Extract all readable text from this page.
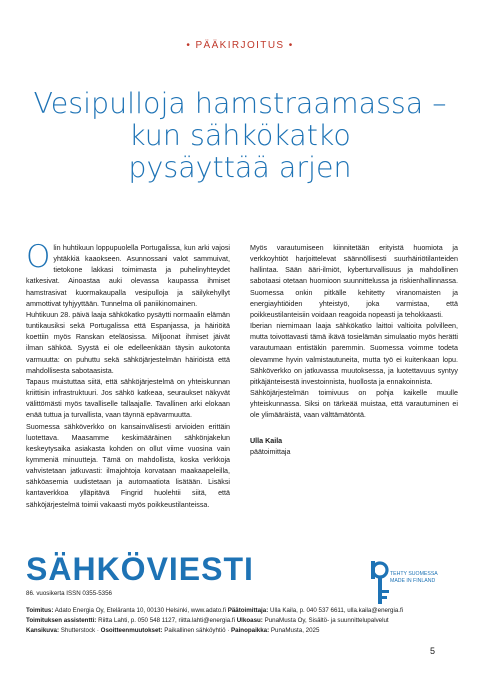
• PÄÄKIRJOITUS •
Vesipulloja hamstraamassa –
kun sähkökatko
pysäyttää arjen

Olin huhtikuun loppupuolella Portugalissa, kun arki vajosi yhtäkkiä kaaokseen. Asunnossani valot sammuivat, tietokone lakkasi toimimasta ja puhelinyhteydet katkesivat. Ainoastaa auki olevassa kaupassa ihmiset hamstrasivat kuormakaupalla vesipulloja ja säilykehyllyt ammottivat tyhjyyttään. Tunnelma oli paniikinomainen.

Huhtikuun 28. päivä laaja sähkökatko pysäytti normaalin elämän tuntikausiksi sekä Portugalissa että Espanjassa, ja häiriöitä koettiin myös Ranskan eteläosissa. Miljoonat ihmiset jäivät ilman sähköä. Syystä ei ole edelleenkään täysin aukotonta varmuutta: on puhuttu sekä sähköjärjestelmän häiriöistä että mahdollisesta sabotaasista.

Tapaus muistuttaa siitä, että sähköjärjestelmä on yhteiskunnan kriittisin infrastruktuuri. Jos sähkö katkeaa, seuraukset näkyvät välittömästi myös tavalliselle tallaajalle. Tavallinen arki elokaan enää tuttua ja turvallista, vaan täynnä epävarmuutta.

Suomessa sähköverkko on kansainvälisesti arvioiden erittäin luotettava. Maasamme keskimääräinen sähkönjakelun keskeytysaika asiakasta kohden on ollut viime vuosina vain kymmeniä minuutteja. Tämä on mahdollista, koska verkkoja vahvistetaan jatkuvasti: ilmajohtoja korvataan maakaapeleilla, sähköasemia uudistetaan ja automaatiota lisätään. Lisäksi kantaverkkoa ylläpitävä Fingrid huolehtii siitä, että sähköjärjestelmä toimii vakaasti myös poikkeustilanteissa.

Myös varautumiseen kiinnitetään erityistä huomiota ja verkkoyhtiöt harjoittelevat säännöllisesti suurhäiriötilanteiden hallintaa. Sään ääri-ilmiöt, kyberturvallisuus ja mahdollinen sabotaasi otetaan huomioon suunnittelussa ja riskienhallinnassa. Suomessa onkin pitkälle kehitetty viranomaisten ja energiayhtiöiden yhteistyö, joka varmistaa, että poikkeustilanteisiin voidaan reagoida nopeasti ja tehokkaasti.

Iberian niemimaan laaja sähkökatko laittoi valtioita polvilleen, mutta toivottavasti tämä ikävä tosielämän simulaatio myös herätti varautumaan entistäkin paremmin. Suomessa voimme todeta olevamme hyvin valmistautuneita, mutta työ ei kuitenkaan lopu. Sähköverkko on jatkuvassa muutoksessa, ja luotettavuus syntyy pitkäjänteisestä investoinnista, huollosta ja ennakoinnista.

Sähköjärjestelmän toimivuus on pohja kaikelle muulle yhteiskunnassa. Siksi on tärkeää muistaa, että varautuminen ei ole ylimääräistä, vaan välttämätöntä.

Ulla Kaila

päätoimittaja

SÄHKÖVIESTI
86. vuosikerta ISSN 0355-5356
TEHTY SUOMESSA
MADE IN FINLAND
Toimitus: Adato Energia Oy, Eteläranta 10, 00130 Helsinki, www.adato.fi Päätoimittaja: Ulla Kaila, p. 040 537 6611, ulla.kaila@energia.fi
Toimituksen assistentti: Riitta Lahti, p. 050 548 1127, riitta.lahti@energia.fi Ulkoasu: PunaMusta Oy, Sisältö- ja suunnittelupalvelut
Kansikuva: Shutterstock · Osoitteenmuutokset: Paikallinen sähköyhtiö · Painopaikka: PunaMusta, 2025
5
